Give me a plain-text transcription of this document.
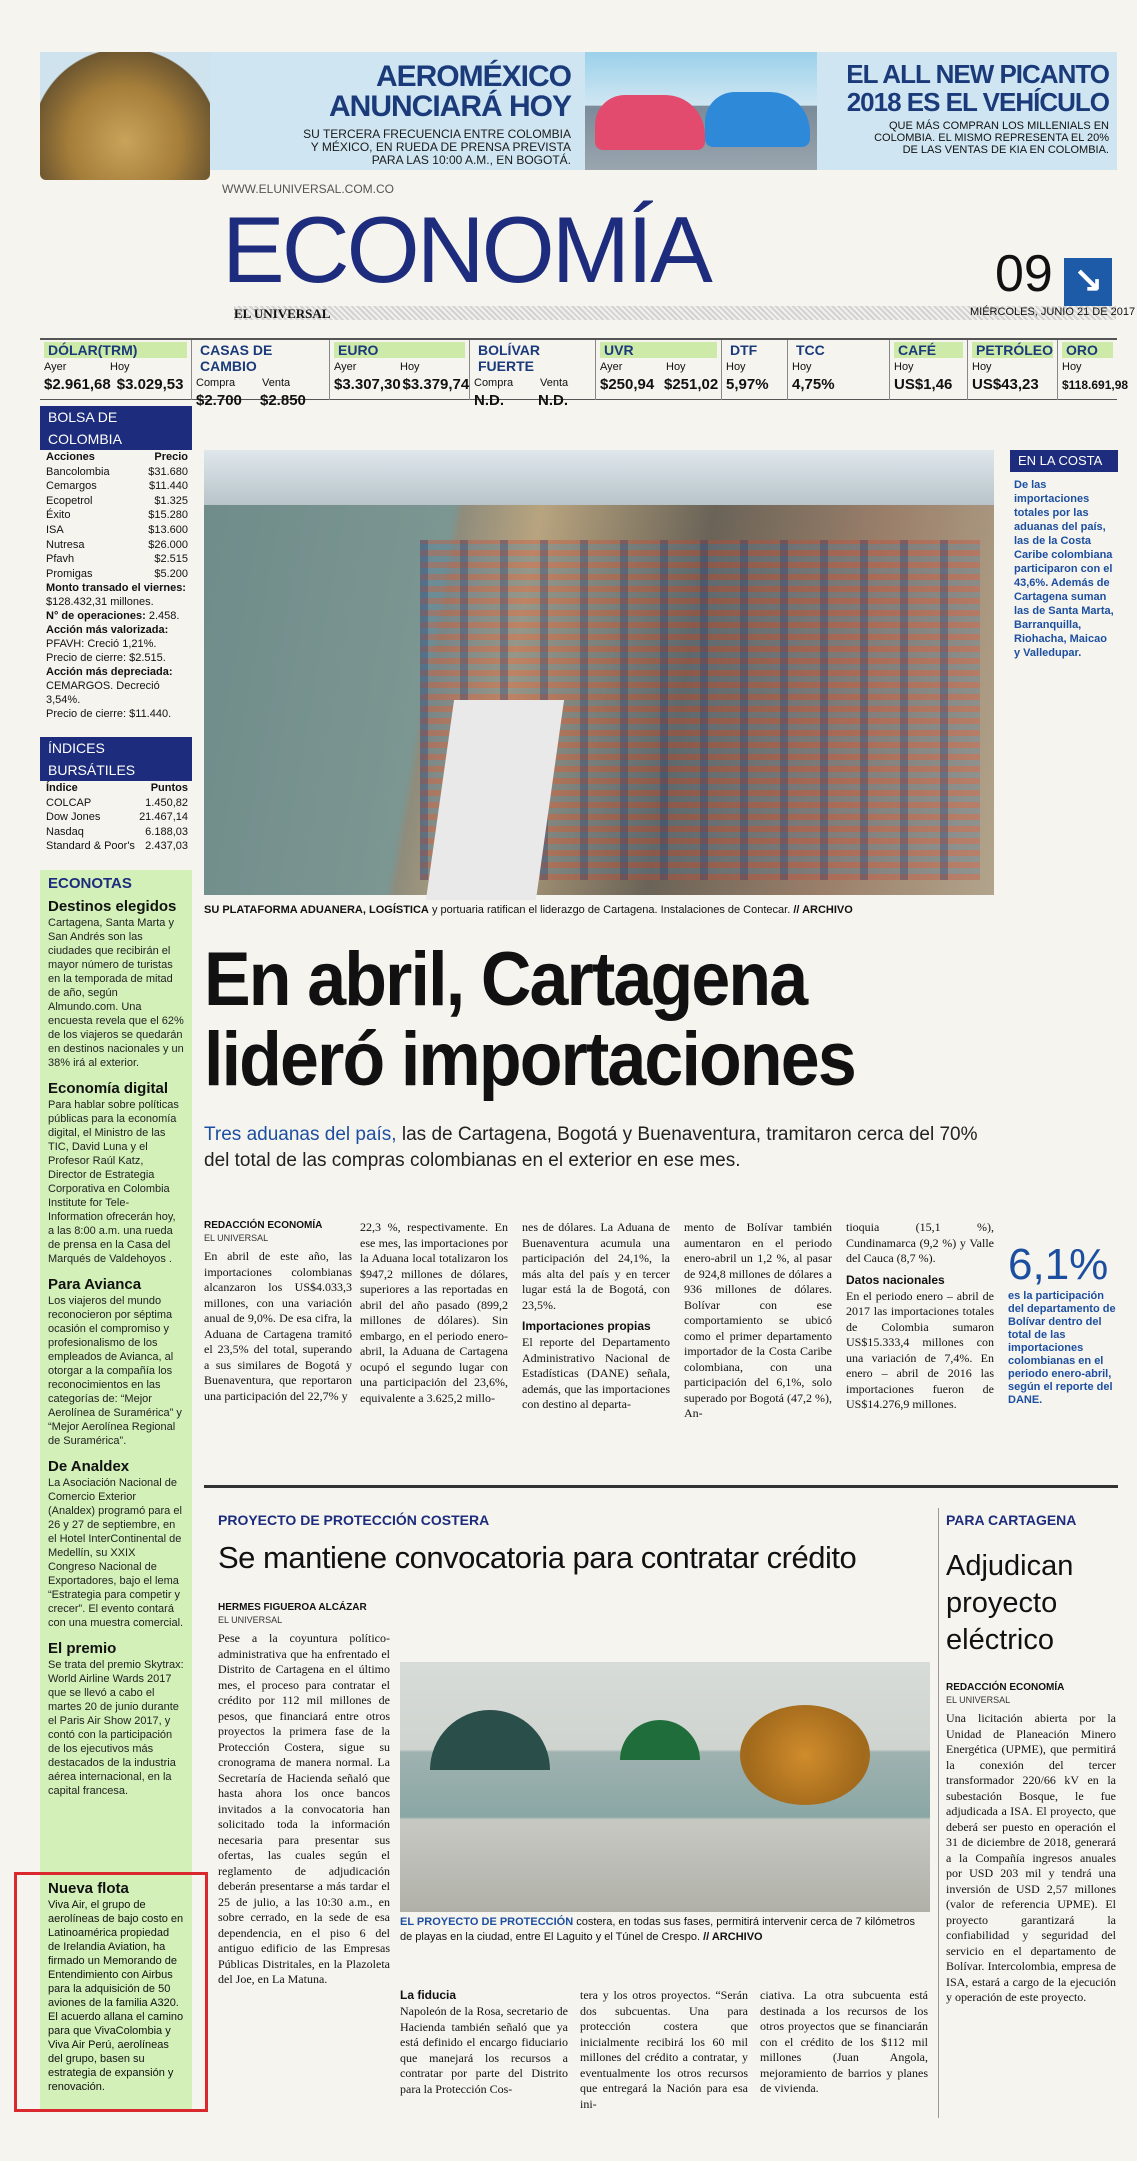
AEROMÉXICO
ANUNCIARÁ HOY

SU TERCERA FRECUENCIA ENTRE COLOMBIA
Y MÉXICO, EN RUEDA DE PRENSA PREVISTA
PARA LAS 10:00 A.M., EN BOGOTÁ.

EL ALL NEW PICANTO
2018 ES EL VEHÍCULO

QUE MÁS COMPRAN LOS MILLENIALS EN
COLOMBIA. EL MISMO REPRESENTA EL 20%
DE LAS VENTAS DE KIA EN COLOMBIA.

WWW.ELUNIVERSAL.COM.CO
ECONOMÍA
EL UNIVERSAL
09 ↘
MIÉRCOLES, JUNIO 21 DE 2017
DÓLAR(TRM)
Ayer	Hoy
$2.961,68 $3.029,53
CASAS DE CAMBIO
Compra	Venta
$2.700	$2.850
EURO
Ayer	Hoy
$3.307,30 $3.379,74
BOLÍVAR FUERTE
Compra	Venta
N.D.	N.D.
UVR
Ayer	Hoy
$250,94 $251,02
DTF
Hoy
5,97%
TCC
Hoy
4,75%
CAFÉ
Hoy
US$1,46
PETRÓLEO
Hoy
US$43,23
ORO
Hoy
$118.691,98
BOLSA DE COLOMBIA
Acciones	Precio
Bancolombia	$31.680
Cemargos	$11.440
Ecopetrol	$1.325
Éxito	$15.280
ISA	$13.600
Nutresa	$26.000
Pfavh	$2.515
Promigas	$5.200
Monto transado el viernes:
$128.432,31 millones.
N° de operaciones: 2.458.
Acción más valorizada:
PFAVH: Creció 1,21%.
Precio de cierre: $2.515.
Acción más depreciada:
CEMARGOS. Decreció 3,54%.
Precio de cierre: $11.440.
ÍNDICES BURSÁTILES
Índice	Puntos
COLCAP	1.450,82
Dow Jones	21.467,14
Nasdaq	6.188,03
Standard & Poor's 2.437,03
ECONOTAS
Destinos elegidos

Cartagena, Santa Marta y San Andrés son las ciudades que recibirán el mayor número de turistas en la temporada de mitad de año, según Almundo.com. Una encuesta revela que el 62% de los viajeros se quedarán en destinos nacionales y un 38% irá al exterior.

Economía digital

Para hablar sobre políticas públicas para la economía digital, el Ministro de las TIC, David Luna y el Profesor Raúl Katz, Director de Estrategia Corporativa en Colombia Institute for Tele-Information ofrecerán hoy, a las 8:00 a.m. una rueda de prensa en la Casa del Marqués de Valdehoyos .

Para Avianca

Los viajeros del mundo reconocieron por séptima ocasión el compromiso y profesionalismo de los empleados de Avianca, al otorgar a la compañía los reconocimientos en las categorías de: “Mejor Aerolínea de Suramérica” y “Mejor Aerolínea Regional de Suramérica”.

De Analdex

La Asociación Nacional de Comercio Exterior (Analdex) programó para el 26 y 27 de septiembre, en el Hotel InterContinental de Medellín, su XXIX Congreso Nacional de Exportadores, bajo el lema “Estrategia para competir y crecer”. El evento contará con una muestra comercial.

El premio

Se trata del premio Skytrax: World Airline Wards 2017 que se llevó a cabo el martes 20 de junio durante el Paris Air Show 2017, y contó con la participación de los ejecutivos más destacados de la industria aérea internacional, en la capital francesa.

Nueva flota

Viva Air, el grupo de aerolíneas de bajo costo en Latinoamérica propiedad de Irelandia Aviation, ha firmado un Memorando de Entendimiento con Airbus para la adquisición de 50 aviones de la familia A320. El acuerdo allana el camino para que VivaColombia y Viva Air Perú, aerolíneas del grupo, basen su estrategia de expansión y renovación.

SU PLATAFORMA ADUANERA, LOGÍSTICA y portuaria ratifican el liderazgo de Cartagena. Instalaciones de Contecar. // ARCHIVO
EN LA COSTA

De las importaciones totales por las aduanas del país, las de la Costa Caribe colombiana participaron con el 43,6%. Además de Cartagena suman las de Santa Marta, Barranquilla, Riohacha, Maicao y Valledupar.

En abril, Cartagena
lideró importaciones
Tres aduanas del país, las de Cartagena, Bogotá y Buenaventura, tramitaron cerca del 70% del total de las compras colombianas en el exterior en ese mes.
REDACCIÓN ECONOMÍA
EL UNIVERSAL
En abril de este año, las importaciones colombianas alcanzaron los US$4.033,3 millones, con una variación anual de 9,0%. De esa cifra, la Aduana de Cartagena tramitó el 23,5% del total, superando a sus similares de Bogotá y Buenaventura, que reportaron una participación del 22,7% y
22,3 %, respectivamente. En ese mes, las importaciones por la Aduana local totalizaron los $947,2 millones de dólares, superiores a las reportadas en abril del año pasado (899,2 millones de dólares). Sin embargo, en el periodo enero-abril, la Aduana de Cartagena ocupó el segundo lugar con una participación del 23,6%, equivalente a 3.625,2 millo-
nes de dólares. La Aduana de Buenaventura acumula una participación del 24,1%, la más alta del país y en tercer lugar está la de Bogotá, con 23,5%.
Importaciones propias
El reporte del Departamento Administrativo Nacional de Estadísticas (DANE) señala, además, que las importaciones con destino al departa-
mento de Bolívar también aumentaron en el periodo enero-abril un 1,2 %, al pasar de 924,8 millones de dólares a 936 millones de dólares. Bolívar con ese comportamiento se ubicó como el primer departamento importador de la Costa Caribe colombiana, con una participación del 6,1%, solo superado por Bogotá (47,2 %), An-
tioquia (15,1 %), Cundinamarca (9,2 %) y Valle del Cauca (8,7 %).
Datos nacionales
En el periodo enero – abril de 2017 las importaciones totales de Colombia sumaron US$15.333,4 millones con una variación de 7,4%. En enero – abril de 2016 las importaciones fueron de US$14.276,9 millones.
6,1%

es la participación del departamento de Bolívar dentro del total de las importaciones colombianas en el periodo enero-abril, según el reporte del DANE.

PROYECTO DE PROTECCIÓN COSTERA
Se mantiene convocatoria para contratar crédito
HERMES FIGUEROA ALCÁZAR
EL UNIVERSAL
Pese a la coyuntura político-administrativa que ha enfrentado el Distrito de Cartagena en el último mes, el proceso para contratar el crédito por 112 mil millones de pesos, que financiará entre otros proyectos la primera fase de la Protección Costera, sigue su cronograma de manera normal. La Secretaría de Hacienda señaló que hasta ahora los once bancos invitados a la convocatoria han solicitado toda la información necesaria para presentar sus ofertas, las cuales según el reglamento de adjudicación deberán presentarse a más tardar el 25 de julio, a las 10:30 a.m., en sobre cerrado, en la sede de esa dependencia, en el piso 6 del antiguo edificio de las Empresas Públicas Distritales, en la Plazoleta del Joe, en La Matuna.
EL PROYECTO DE PROTECCIÓN costera, en todas sus fases, permitirá intervenir cerca de 7 kilómetros de playas en la ciudad, entre El Laguito y el Túnel de Crespo. // ARCHIVO
La fiducia
Napoleón de la Rosa, secretario de Hacienda también señaló que ya está definido el encargo fiduciario que manejará los recursos a contratar por parte del Distrito para la Protección Cos-
tera y los otros proyectos. “Serán dos subcuentas. Una para protección costera que inicialmente recibirá los 60 mil millones del crédito a contratar, y eventualmente los otros recursos que entregará la Nación para esa ini-
ciativa. La otra subcuenta está destinada a los recursos de los otros proyectos que se financiarán con el crédito de los $112 mil millones (Juan Angola, mejoramiento de barrios y planes de vivienda.
PARA CARTAGENA
Adjudican
proyecto
eléctrico
REDACCIÓN ECONOMÍA
EL UNIVERSAL
Una licitación abierta por la Unidad de Planeación Minero Energética (UPME), que permitirá la conexión del tercer transformador 220/66 kV en la subestación Bosque, le fue adjudicada a ISA. El proyecto, que deberá ser puesto en operación el 31 de diciembre de 2018, generará a la Compañía ingresos anuales por USD 203 mil y tendrá una inversión de USD 2,57 millones (valor de referencia UPME). El proyecto garantizará la confiabilidad y seguridad del servicio en el departamento de Bolívar. Intercolombia, empresa de ISA, estará a cargo de la ejecución y operación de este proyecto.
